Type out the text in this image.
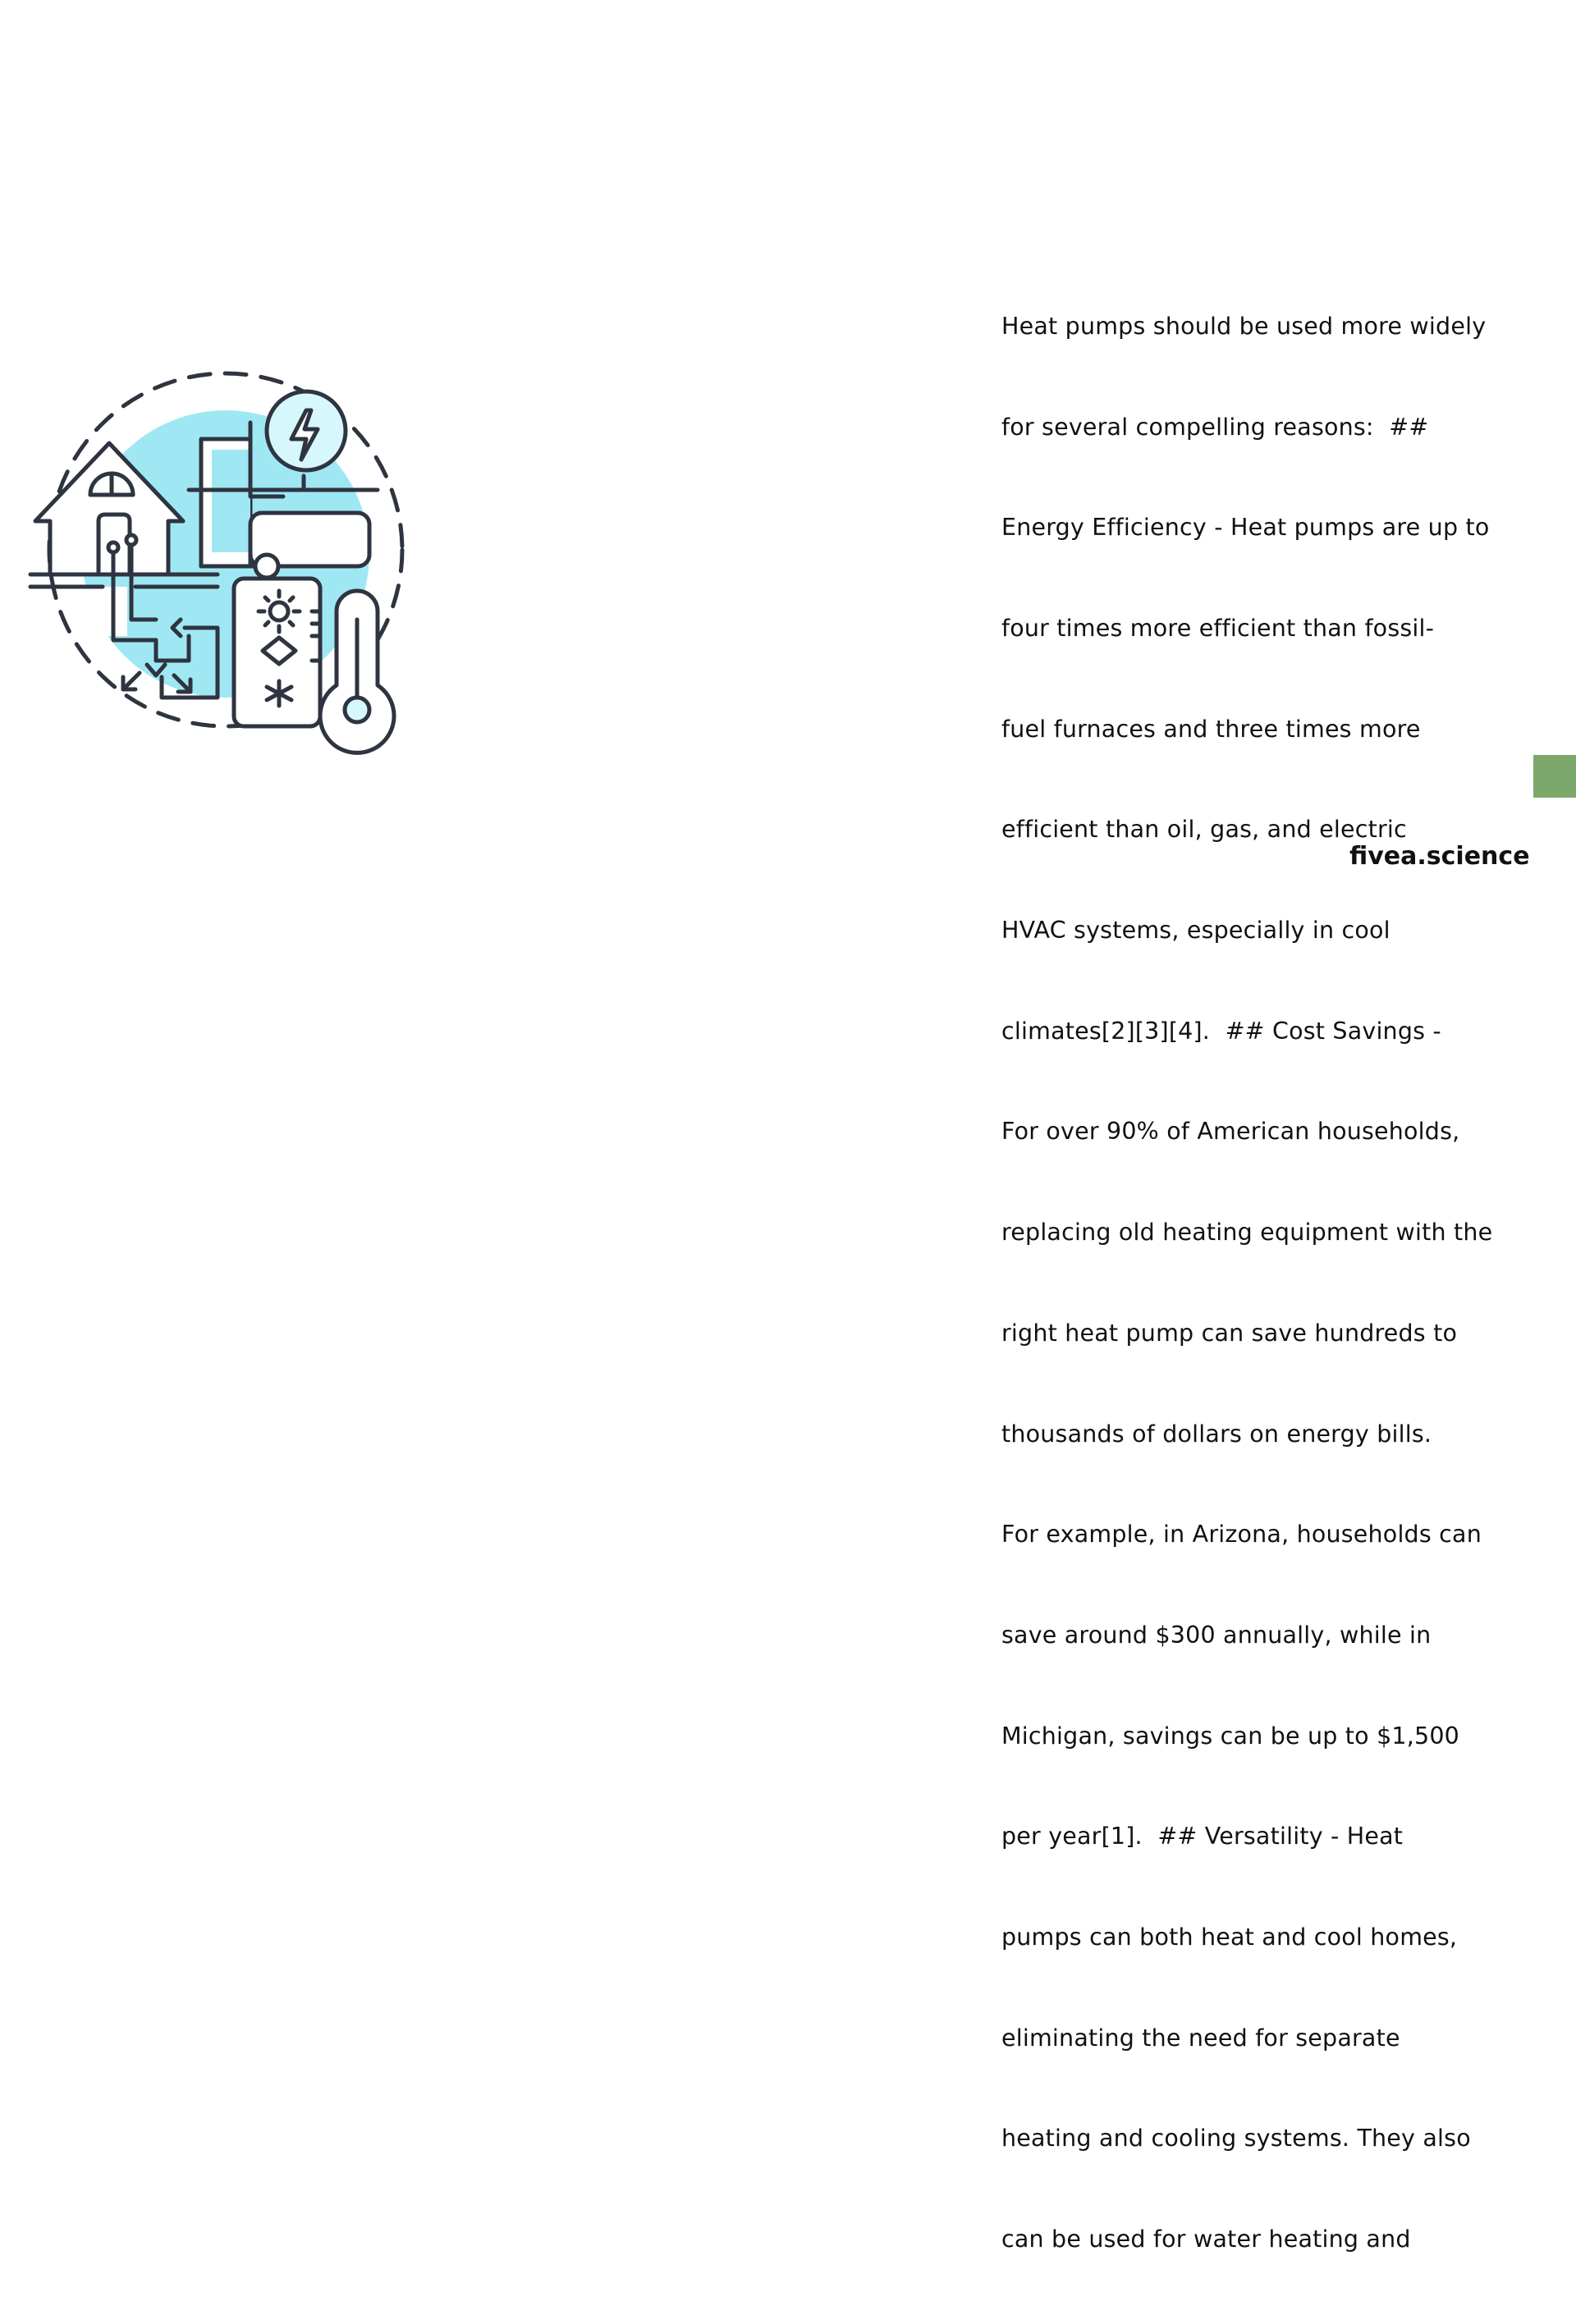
Heat pumps should be used more widely

for several compelling reasons:  ##

Energy Efficiency - Heat pumps are up to

four times more efficient than fossil-

fuel furnaces and three times more

efficient than oil, gas, and electric

HVAC systems, especially in cool

climates[2][3][4].  ## Cost Savings -

For over 90% of American households,

replacing old heating equipment with the

right heat pump can save hundreds to

thousands of dollars on energy bills.

For example, in Arizona, households can

save around $300 annually, while in

Michigan, savings can be up to $1,500

per year[1].  ## Versatility - Heat

pumps can both heat and cool homes,

eliminating the need for separate

heating and cooling systems. They also

can be used for water heating and

fivea.science
